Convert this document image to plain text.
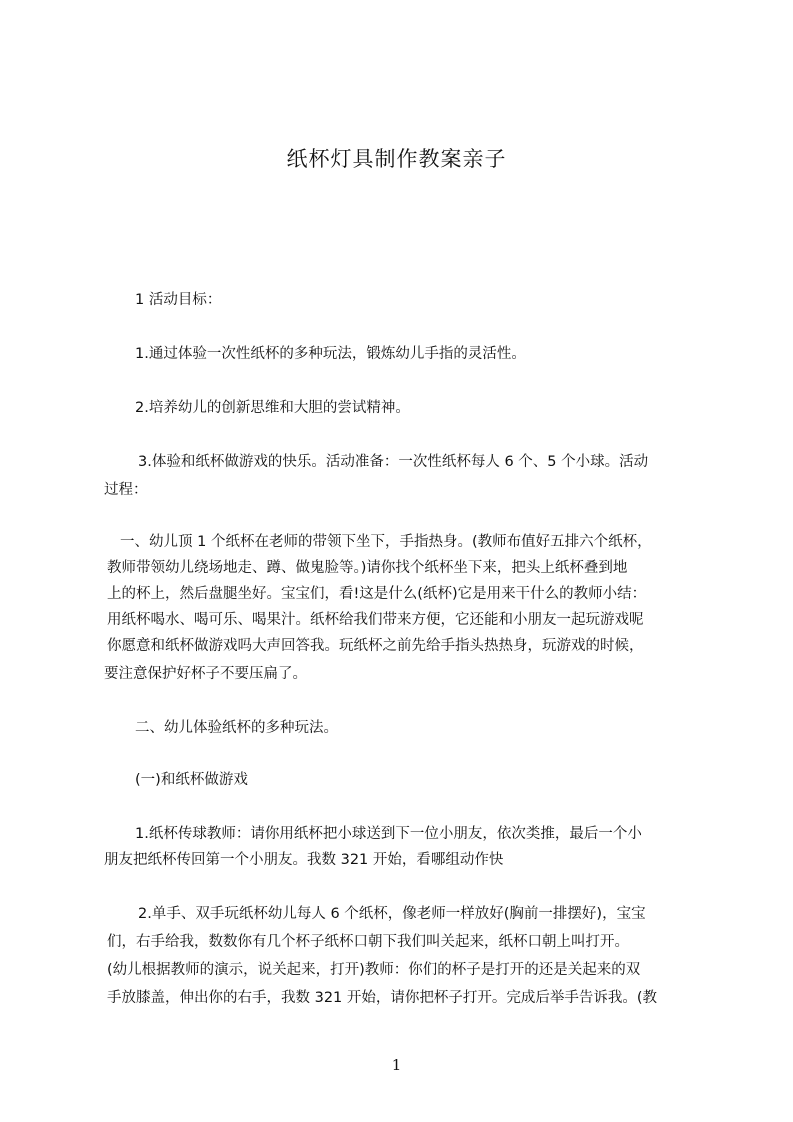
纸杯灯具制作教案亲子
1 活动目标：
1.通过体验一次性纸杯的多种玩法，锻炼幼儿手指的灵活性。
2.培养幼儿的创新思维和大胆的尝试精神。
3.体验和纸杯做游戏的快乐。活动准备：一次性纸杯每人 6 个、5 个小球。活动
过程：
一、幼儿顶 1 个纸杯在老师的带领下坐下，手指热身。(教师布值好五排六个纸杯，
教师带领幼儿绕场地走、蹲、做鬼脸等。)请你找个纸杯坐下来，把头上纸杯叠到地
上的杯上，然后盘腿坐好。宝宝们，看!这是什么(纸杯)它是用来干什么的教师小结：
用纸杯喝水、喝可乐、喝果汁。纸杯给我们带来方便，它还能和小朋友一起玩游戏呢
你愿意和纸杯做游戏吗大声回答我。玩纸杯之前先给手指头热热身，玩游戏的时候，
要注意保护好杯子不要压扁了。
二、幼儿体验纸杯的多种玩法。
(一)和纸杯做游戏
1.纸杯传球教师：请你用纸杯把小球送到下一位小朋友，依次类推，最后一个小
朋友把纸杯传回第一个小朋友。我数 321 开始，看哪组动作快
2.单手、双手玩纸杯幼儿每人 6 个纸杯，像老师一样放好(胸前一排摆好)，宝宝
们，右手给我，数数你有几个杯子纸杯口朝下我们叫关起来，纸杯口朝上叫打开。
(幼儿根据教师的演示，说关起来，打开)教师：你们的杯子是打开的还是关起来的双
手放膝盖，伸出你的右手，我数 321 开始，请你把杯子打开。完成后举手告诉我。(教
1
